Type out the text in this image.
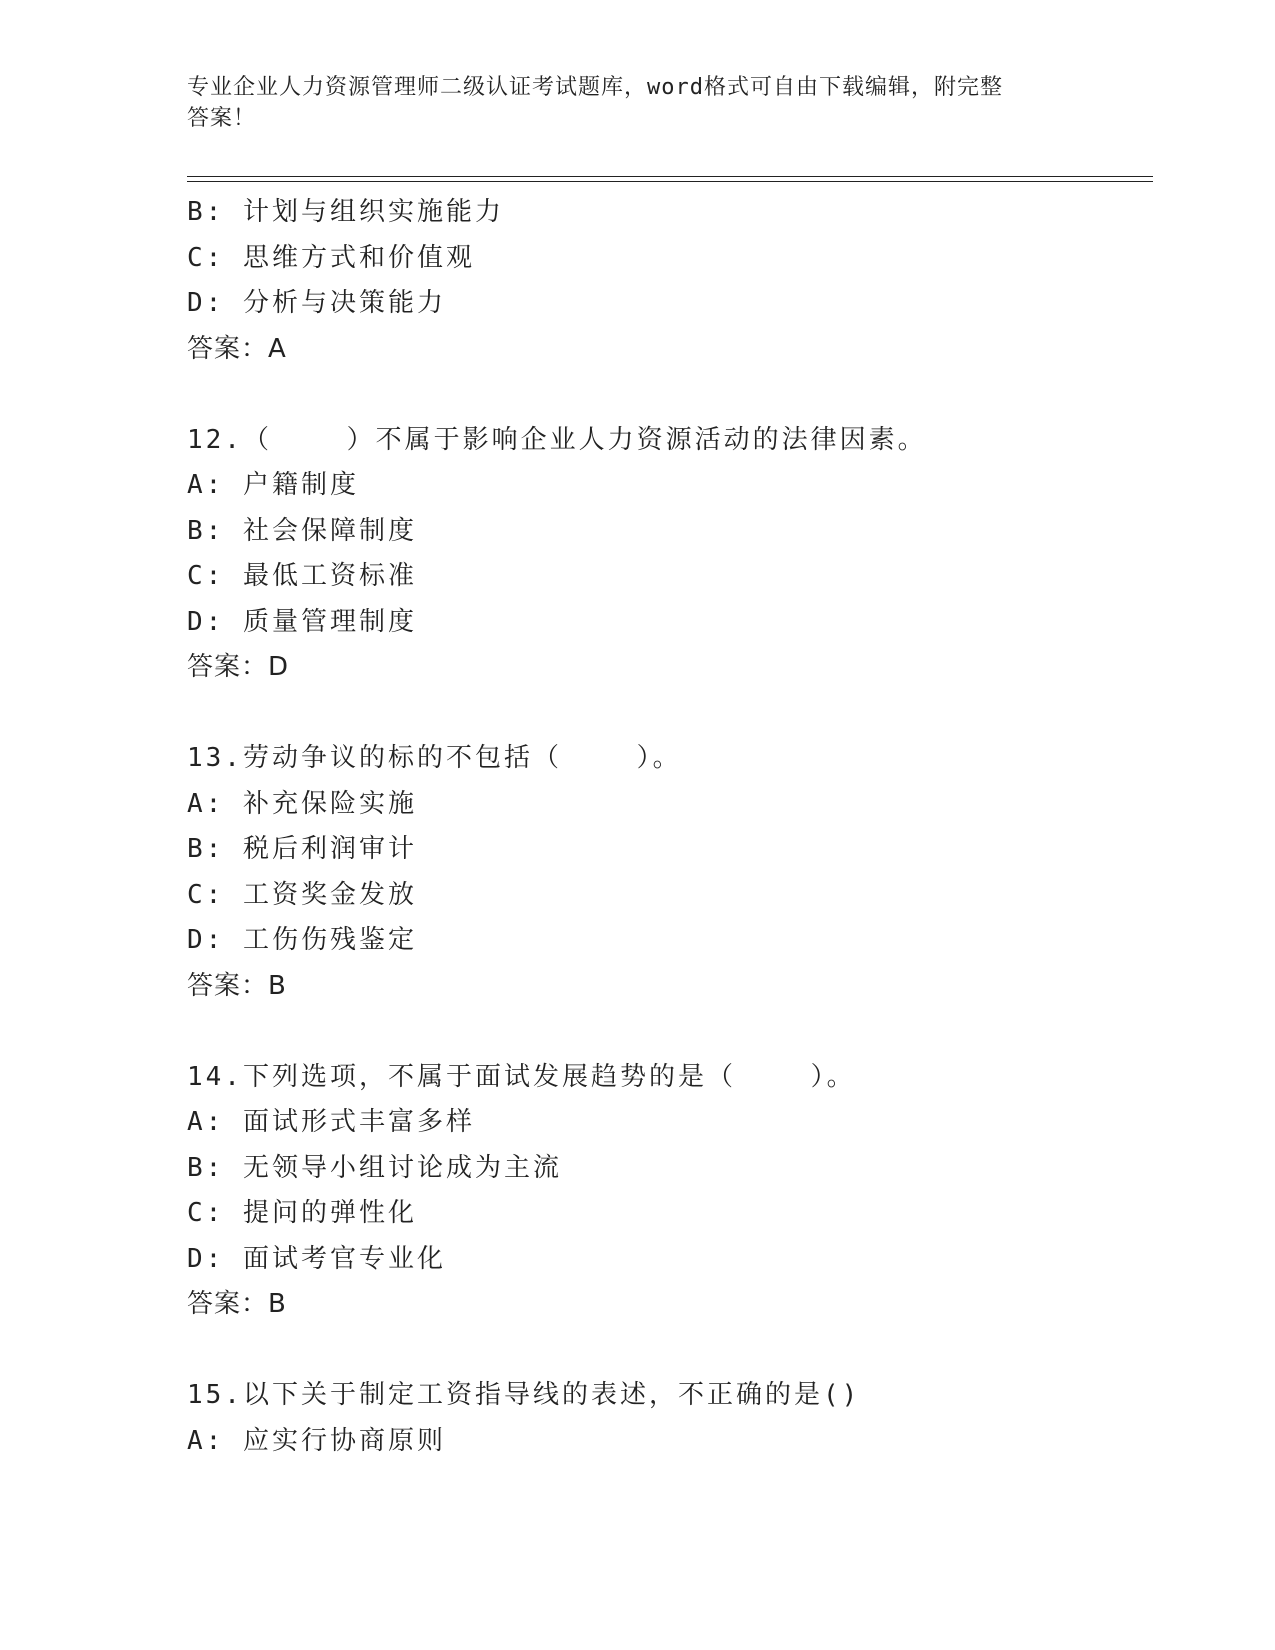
专业企业人力资源管理师二级认证考试题库，word格式可自由下载编辑，附完整
答案！
B: 计划与组织实施能力
C: 思维方式和价值观
D: 分析与决策能力
答案：A
12.（    ）不属于影响企业人力资源活动的法律因素。
A: 户籍制度
B: 社会保障制度
C: 最低工资标准
D: 质量管理制度
答案：D
13.劳动争议的标的不包括（    ）。
A: 补充保险实施
B: 税后利润审计
C: 工资奖金发放
D: 工伤伤残鉴定
答案：B
14.下列选项，不属于面试发展趋势的是（    ）。
A: 面试形式丰富多样
B: 无领导小组讨论成为主流
C: 提问的弹性化
D: 面试考官专业化
答案：B
15.以下关于制定工资指导线的表述，不正确的是()
A: 应实行协商原则
